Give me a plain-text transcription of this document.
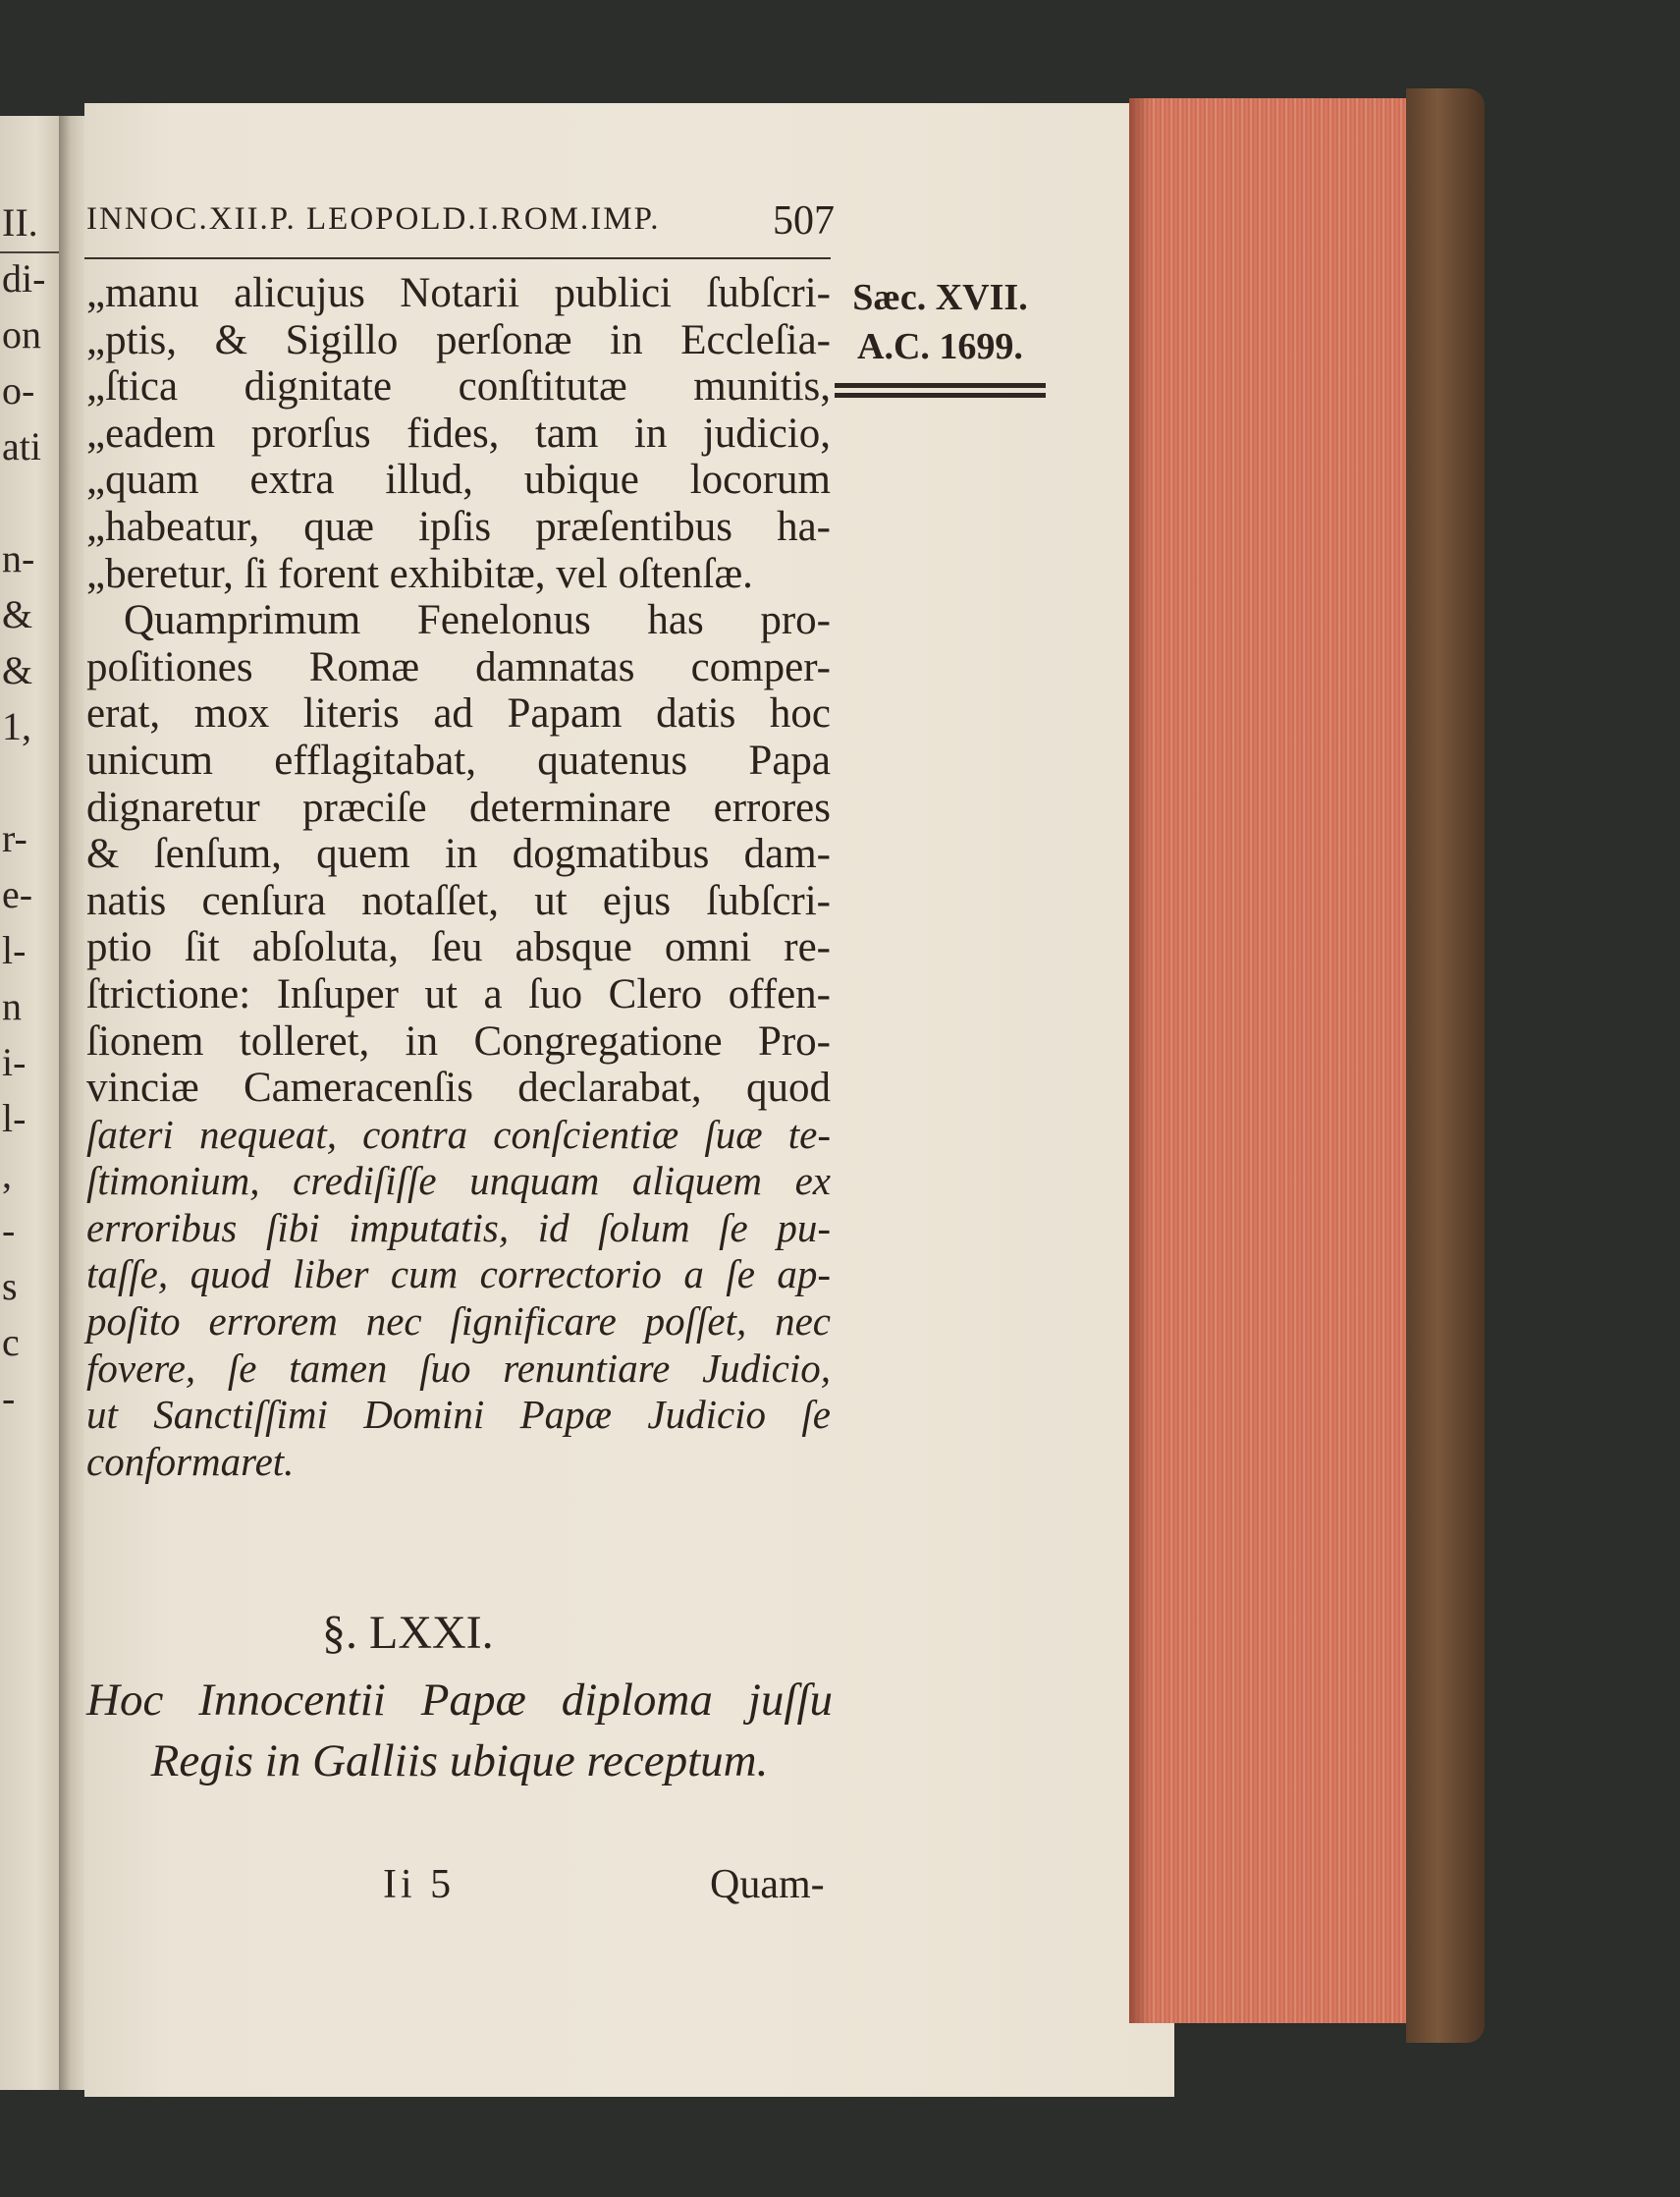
II.
di-
on
o-
ati
n-
&
&
1,
r-
e-
l-
n
i-
l-
,
-
s
c
-
INNOC.XII.P. LEOPOLD.I.ROM.IMP.	507
Sæc. XVII.
A.C. 1699.
„manu alicujus Notarii publici ſubſcri-
„ptis, & Sigillo perſonæ in Eccleſia-
„ſtica dignitate conſtitutæ munitis,
„eadem prorſus fides, tam in judicio,
„quam extra illud, ubique locorum
„habeatur, quæ ipſis præſentibus ha-
„beretur, ſi forent exhibitæ, vel oſtenſæ.
Quamprimum Fenelonus has pro-
poſitiones Romæ damnatas comper-
erat, mox literis ad Papam datis hoc
unicum efflagitabat, quatenus Papa
dignaretur præciſe determinare errores
& ſenſum, quem in dogmatibus dam-
natis cenſura notaſſet, ut ejus ſubſcri-
ptio ſit abſoluta, ſeu absque omni re-
ſtrictione: Inſuper ut a ſuo Clero offen-
ſionem tolleret, in Congregatione Pro-
vinciæ Cameracenſis declarabat, quod
ſateri nequeat, contra conſcientiæ ſuæ te-
ſtimonium, crediſiſſe unquam aliquem ex
erroribus ſibi imputatis, id ſolum ſe pu-
taſſe, quod liber cum correctorio a ſe ap-
poſito errorem nec ſignificare poſſet, nec
fovere, ſe tamen ſuo renuntiare Judicio,
ut Sanctiſſimi Domini Papæ Judicio ſe
conformaret.
§. LXXI.
Hoc Innocentii Papæ diploma juſſu
Regis in Galliis ubique receptum.
Ii 5	Quam-
